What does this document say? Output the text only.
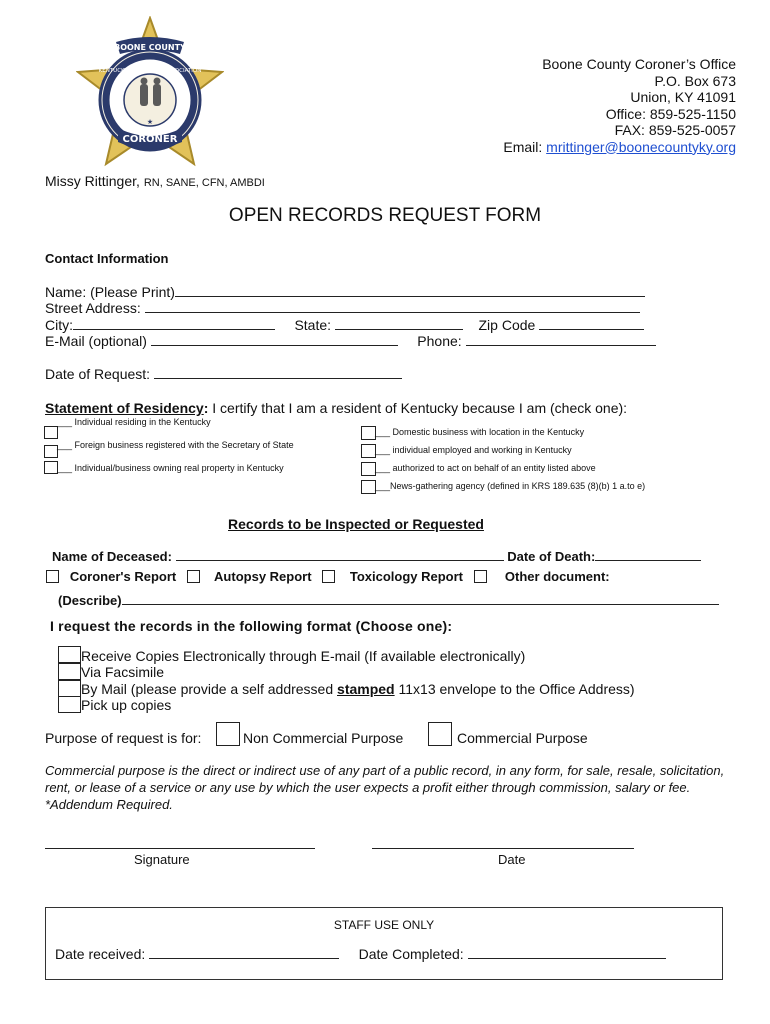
BOONE COUNTY
KENTUCKY CORONER'S ASSOCIATION
CORONER
★
Boone County Coroner’s Office
P.O. Box 673
Union, KY 41091
Office: 859-525-1150
FAX: 859-525-0057
Email: mrittinger@boonecountyky.org
Missy Rittinger, RN, SANE, CFN, AMBDI
OPEN RECORDS REQUEST FORM
Contact Information
Name: (Please Print)
Street Address:
City:	State:	Zip Code
E-Mail (optional)	Phone:
Date of Request:
Statement of Residency: I certify that I am a resident of Kentucky because I am (check one):
___ Individual residing in the Kentucky
___ Foreign business registered with the Secretary of State
___ Individual/business owning real property in Kentucky
___ Domestic business with location in the Kentucky
___ individual employed and working in Kentucky
___ authorized to act on behalf of an entity listed above
___News-gathering agency (defined in KRS 189.635 (8)(b) 1 a.to e)
Records to be Inspected or Requested
Name of Deceased:	Date of Death:
Coroner's Report	Autopsy Report	Toxicology Report	Other document:
(Describe)
I request the records in the following format (Choose one):
Receive Copies Electronically through E-mail (If available electronically)
Via Facsimile
By Mail (please provide a self addressed stamped 11x13 envelope to the Office Address)
Pick up copies
Purpose of request is for:	Non Commercial Purpose	Commercial Purpose
Commercial purpose is the direct or indirect use of any part of a public record, in any form, for sale, resale, solicitation, rent, or lease of a service or any use by which the user expects a profit either through commission, salary or fee. *Addendum Required.
Signature	Date
STAFF USE ONLY
Date received:	Date Completed:
